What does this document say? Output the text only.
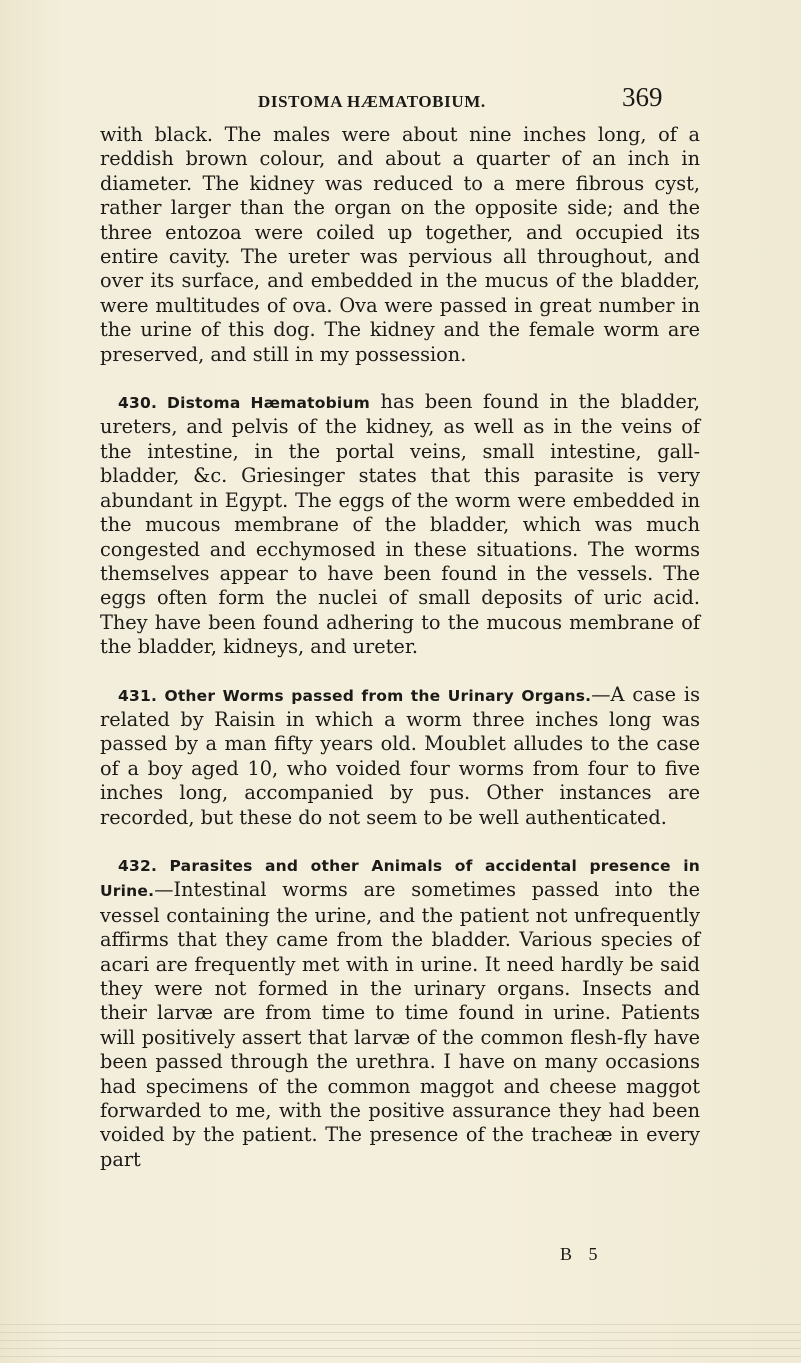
DISTOMA HÆMATOBIUM.	369

with black. The males were about nine inches long, of a reddish brown colour, and about a quarter of an inch in diameter. The kidney was reduced to a mere fibrous cyst, rather larger than the organ on the opposite side; and the three entozoa were coiled up together, and occupied its entire cavity. The ureter was pervious all throughout, and over its surface, and embedded in the mucus of the bladder, were multitudes of ova. Ova were passed in great number in the urine of this dog. The kidney and the female worm are preserved, and still in my possession.

430. Distoma Hæmatobium has been found in the bladder, ureters, and pelvis of the kidney, as well as in the veins of the intestine, in the portal veins, small intestine, gall-bladder, &c. Griesinger states that this parasite is very abundant in Egypt. The eggs of the worm were embedded in the mucous membrane of the bladder, which was much congested and ecchymosed in these situations. The worms themselves appear to have been found in the vessels. The eggs often form the nuclei of small deposits of uric acid. They have been found adhering to the mucous membrane of the bladder, kidneys, and ureter.

431. Other Worms passed from the Urinary Organs.—A case is related by Raisin in which a worm three inches long was passed by a man fifty years old. Moublet alludes to the case of a boy aged 10, who voided four worms from four to five inches long, accompanied by pus. Other instances are recorded, but these do not seem to be well authenticated.

432. Parasites and other Animals of accidental presence in Urine.—Intestinal worms are sometimes passed into the vessel containing the urine, and the patient not unfrequently affirms that they came from the bladder. Various species of acari are frequently met with in urine. It need hardly be said they were not formed in the urinary organs. Insects and their larvæ are from time to time found in urine. Patients will positively assert that larvæ of the common flesh-fly have been passed through the urethra. I have on many occasions had specimens of the common maggot and cheese maggot forwarded to me, with the positive assurance they had been voided by the patient. The presence of the tracheæ in every part

B 5
